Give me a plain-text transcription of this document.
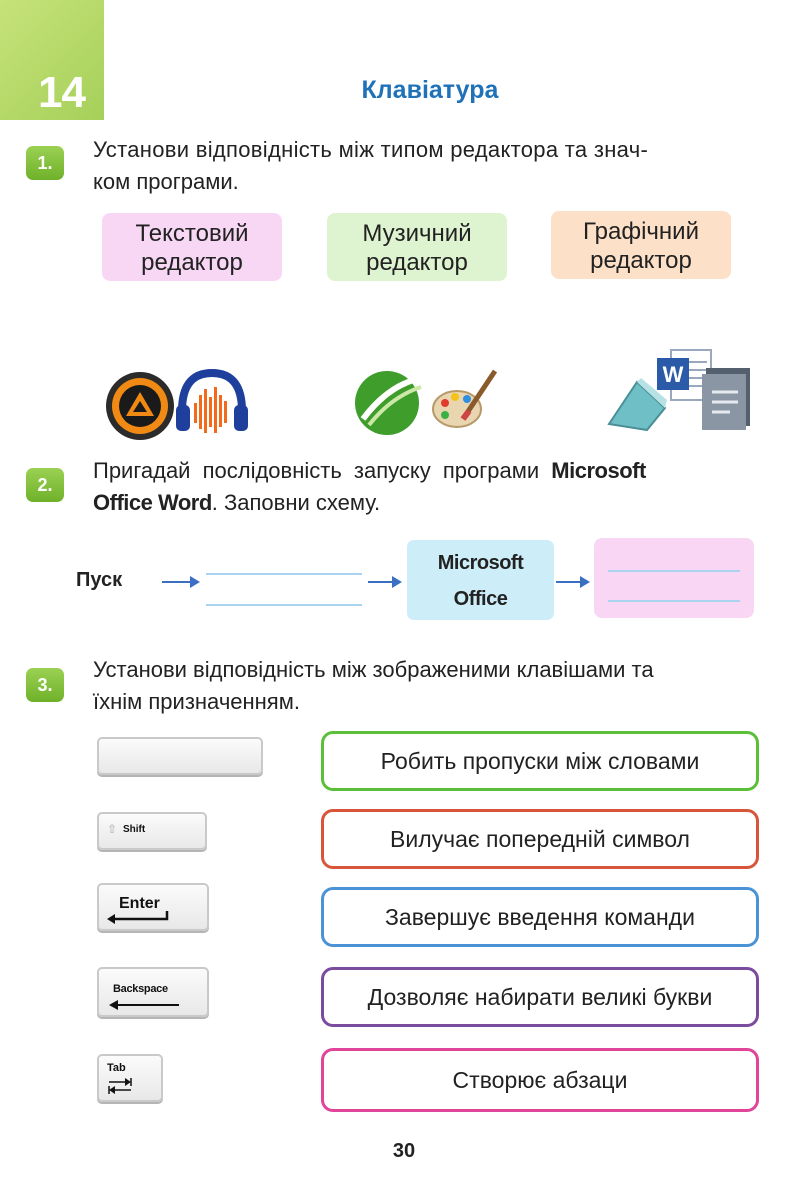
14	Клавіатура
1.
Установи відповідність між типом редактора та знач-
ком програми.
Текстовий
редактор
Музичний
редактор
Графічний
редактор
W
2.
Пригадай послідовність запуску програми Microsoft
Office Word. Заповни схему.
Пуск
Microsoft
Office
3.
Установи відповідність між зображеними клавішами та
їхнім призначенням.
⇧ Shift
Enter
Backspace
Tab
Робить пропуски між словами
Вилучає попередній символ
Завершує введення команди
Дозволяє набирати великі букви
Створює абзаци
30
